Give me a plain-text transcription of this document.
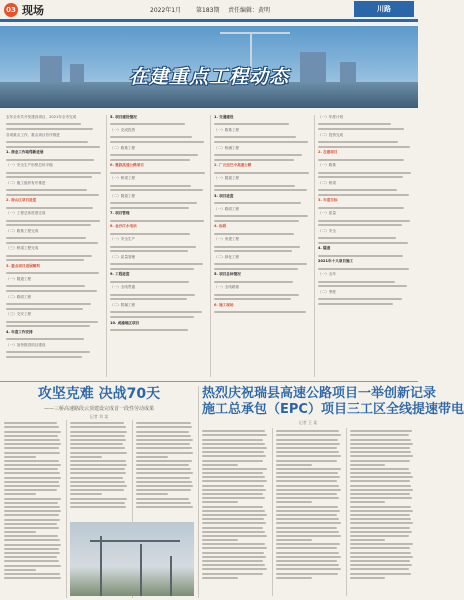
03 现场	2022年1月 第183期 责任编辑：黄明	川路
在建重点工程动态

去年全市共开发建设项目，2021年全市完成

各项重点工作，重点项目有序推进

1. 商业工作取得新进展

（一）安全生产形势总体平稳

（二）施工组织有序推进

2. 南山区项目进度

（一）工程总体进度完成

（二）路基工程完成

（三）桥梁工程完成

3. 重点项目进展顺利

（一）隧道工程

（二）路面工程

（三）交安工程

4. 年度工作安排

（一）加快推进项目建设

5. 项目建设情况

（一）完成投资

（二）路基工程

6. 雅叙高速公路项目

（一）桥梁工程

（二）隧道工程

7. 项目管理

8. 金沙江水电站

（一）安全生产

（二）质量管理

9. 工程进度

（一）全线贯通

（二）附属工程

10. 成渝地区项目

1. 交通建设

（一）路基工程

（二）桥涵工程

2. 广元至巴中高速公路

（一）隧道工程

3. 项目进度

（一）路面工程

4. 标段

（一）房建工程

（二）绿化工程

5. 项目总体情况

（一）全线路基

6. 施工现场

（一）年度计划

（二）投资完成

2. 在建项目

（一）路基

（二）桥梁

3. 年度目标

（一）质量

（二）安全

4. 隧道

2021年十大项目施工

（一）全年

（二）季度

攻坚克难 决战70天
——三桥高速路段云顶建设完成首一段性劳动成果
记者 刘 某
热烈庆祝瑞县高速公路项目一举创新记录
施工总承包（EPC）项目三工区全线提速带电
记者 王 某
